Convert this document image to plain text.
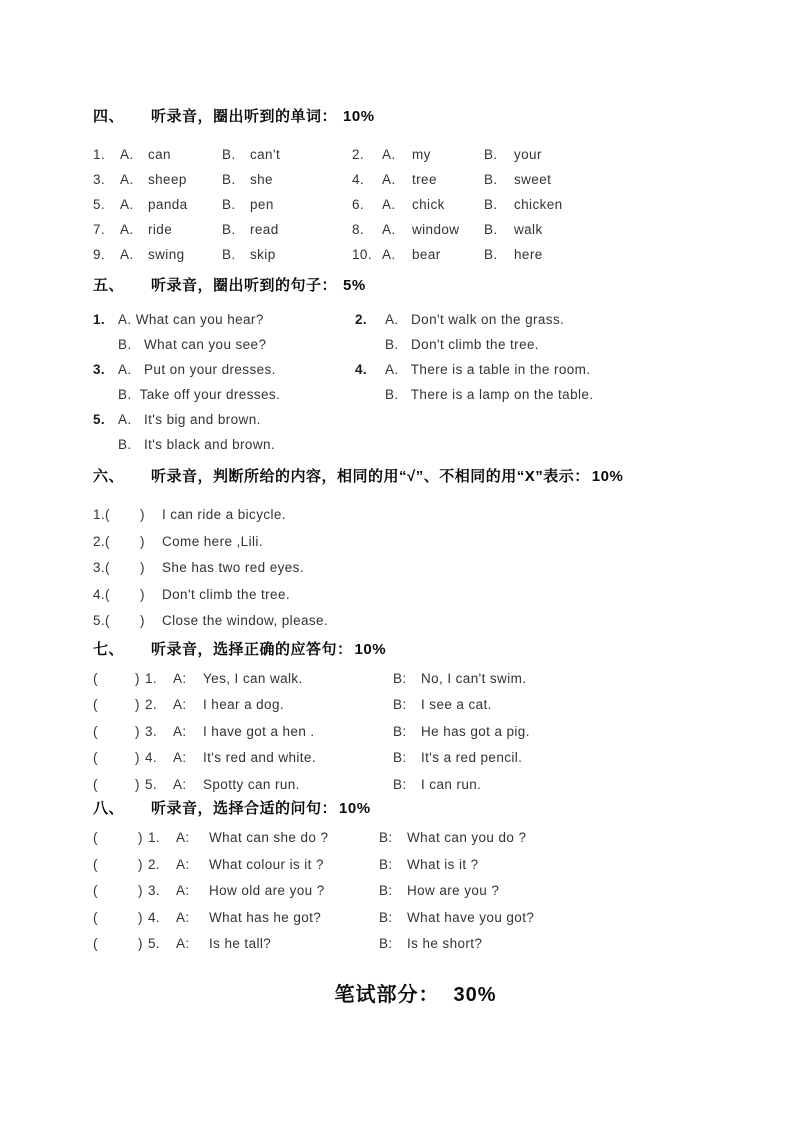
四、 听录音，圈出听到的单词： 10%
1.	A.	can	B.	can't	2.	A.	my	B.	your
3.	A.	sheep	B.	she	4.	A.	tree	B.	sweet
5.	A.	panda	B.	pen	6.	A.	chick	B.	chicken
7.	A.	ride	B.	read	8.	A.	window	B.	walk
9.	A.	swing	B.	skip	10. A.	bear	B.	here
五、 听录音，圈出听到的句子： 5%
1. A. What can you hear?	2.	A.   Don't walk on the grass.
B.   What can you see?	B.   Don't climb the tree.
3. A.   Put on your dresses.	4.	A.   There is a table in the room.
B.  Take off your dresses.	B.   There is a lamp on the table.
5. A.   It's big and brown.
B.   It's black and brown.
六、 听录音，判断所给的内容，相同的用“√”、不相同的用“X”表示： 10%
1.(	)	I can ride a bicycle.
2.(	)	Come here ,Lili.
3.(	)	She has two red eyes.
4.(	)	Don't climb the tree.
5.(	)	Close the window, please.
七、 听录音，选择正确的应答句： 10%
(	) 1.	A:	Yes, I can walk.	B:	No, I can't swim.
(	) 2.	A:	I hear a dog.	B:	I see a cat.
(	) 3.	A:	I have got a hen .	B:	He has got a pig.
(	) 4.	A:	It's red and white.	B:	It's a red pencil.
(	) 5.	A:	Spotty can run.	B:	I can run.
八、 听录音，选择合适的问句： 10%
(	) 1.	A:	What can she do ?	B:	What can you do ?
(	) 2.	A:	What colour is it ?	B:	What is it ?
(	) 3.	A:	How old are you ?	B:	How are you ?
(	) 4.	A:	What has he got?	B:	What have you got?
(	) 5.	A:	Is he tall?	B:	Is he short?
笔试部分： 30%
